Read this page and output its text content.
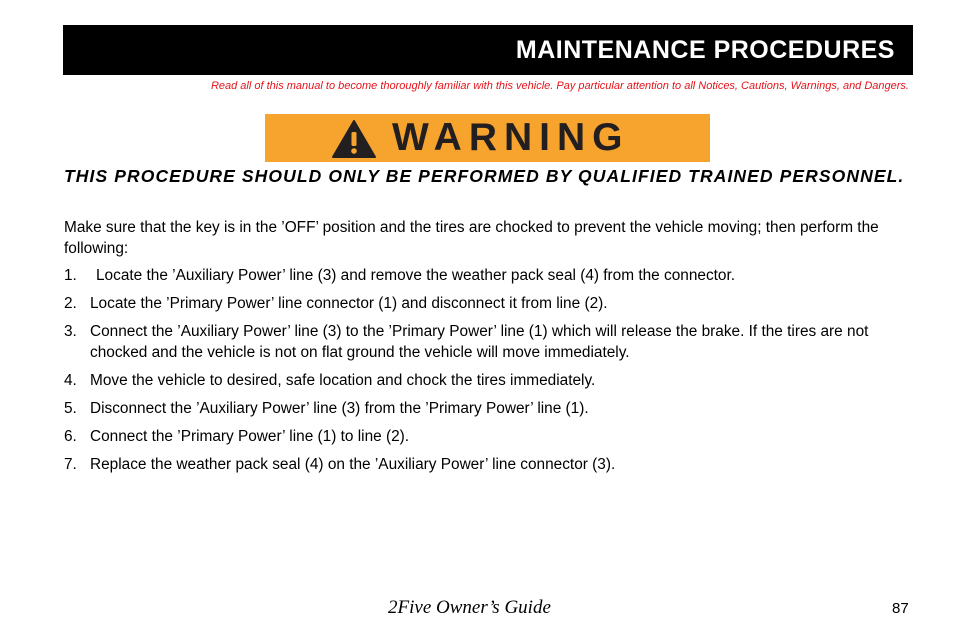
MAINTENANCE PROCEDURES
Read all of this manual to become thoroughly familiar with this vehicle. Pay particular attention to all Notices, Cautions, Warnings, and Dangers.
WARNING
THIS PROCEDURE SHOULD ONLY BE PERFORMED BY QUALIFIED TRAINED PERSONNEL.
Make sure that the key is in the ’OFF’ position and the tires are chocked to prevent the vehicle moving; then perform the following:
1. Locate the ’Auxiliary Power’ line (3) and remove the weather pack seal (4) from the connector.
2. Locate the ’Primary Power’ line connector (1) and disconnect it from line (2).
3. Connect the ’Auxiliary Power’ line (3) to the ’Primary Power’ line (1) which will release the brake. If the tires are not chocked and the vehicle is not on flat ground the vehicle will move immediately.
4. Move the vehicle to desired, safe location and chock the tires immediately.
5. Disconnect the ’Auxiliary Power’ line (3) from the ’Primary Power’ line (1).
6. Connect the ’Primary Power’ line (1) to line (2).
7. Replace the weather pack seal (4) on the ’Auxiliary Power’ line connector (3).
2Five Owner’s Guide	87
